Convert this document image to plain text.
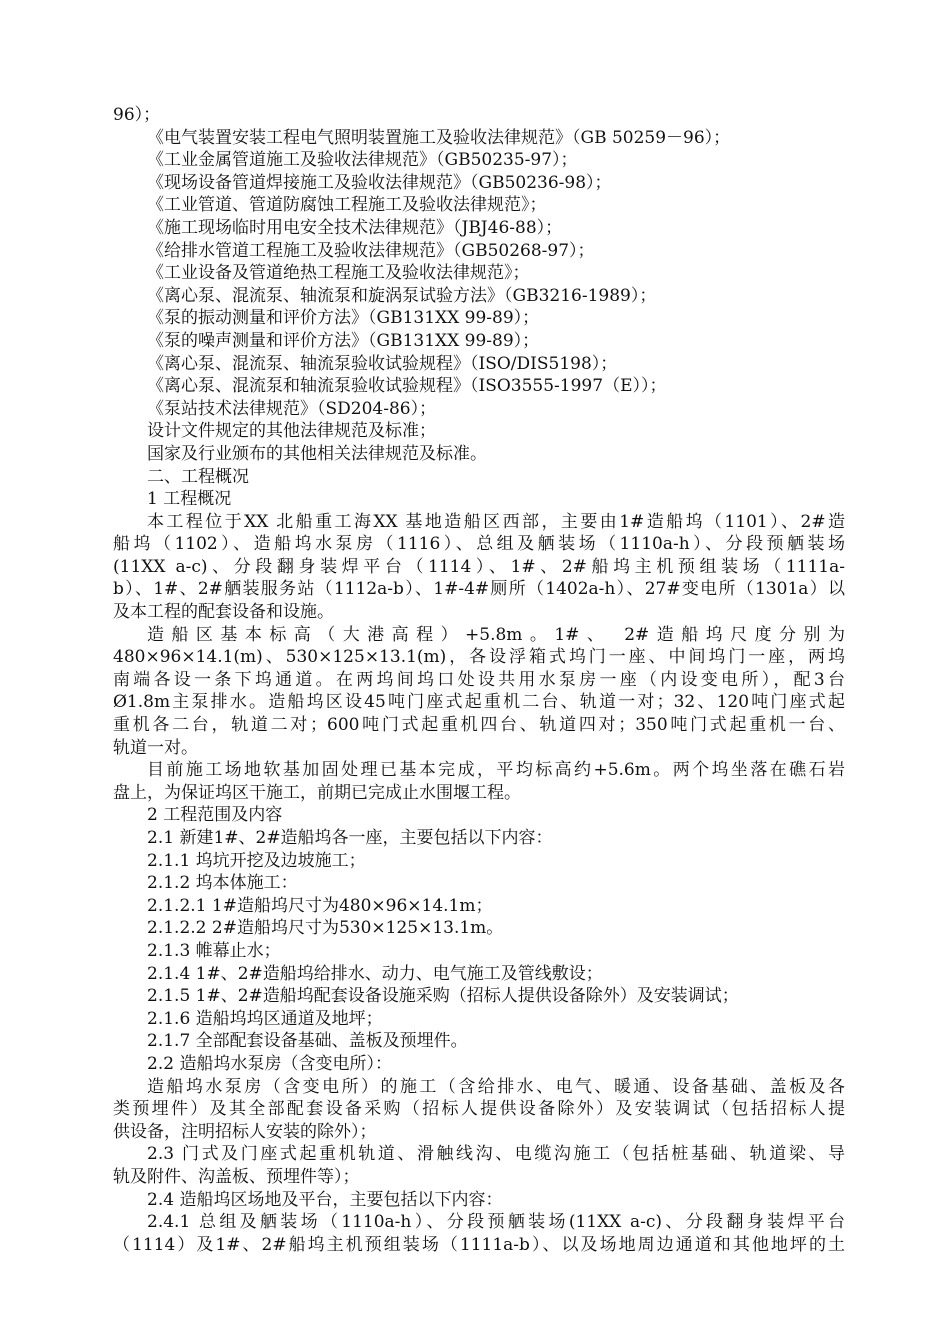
96）；
《电气装置安装工程电气照明装置施工及验收法律规范》（GB 50259－96）；
《工业金属管道施工及验收法律规范》（GB50235-97）；
《现场设备管道焊接施工及验收法律规范》（GB50236-98）；
《工业管道、管道防腐蚀工程施工及验收法律规范》；
《施工现场临时用电安全技术法律规范》（JBJ46-88）；
《给排水管道工程施工及验收法律规范》（GB50268-97）；
《工业设备及管道绝热工程施工及验收法律规范》；
《离心泵、混流泵、轴流泵和旋涡泵试验方法》（GB3216-1989）；
《泵的振动测量和评价方法》（GB131XX 99-89）；
《泵的噪声测量和评价方法》（GB131XX 99-89）；
《离心泵、混流泵、轴流泵验收试验规程》（ISO/DIS5198）；
《离心泵、混流泵和轴流泵验收试验规程》（ISO3555-1997（E））；
《泵站技术法律规范》（SD204-86）；
设计文件规定的其他法律规范及标准；
国家及行业颁布的其他相关法律规范及标准。
二、工程概况
1 工程概况
本工程位于XX 北船重工海XX 基地造船区西部，主要由1#造船坞（1101）、2#造
船坞（1102）、造船坞水泵房（1116）、总组及舾装场（1110a-h）、分段预舾装场
(11XX a-c)、分段翻身装焊平台（1114）、1#、2#船坞主机预组装场（1111a-
b）、1#、2#舾装服务站（1112a-b）、1#-4#厕所（1402a-h）、27#变电所（1301a）以
及本工程的配套设备和设施。
造船区基本标高（大港高程）+5.8m。1#、 2#造船坞尺度分别为
480×96×14.1(m)、530×125×13.1(m)，各设浮箱式坞门一座、中间坞门一座，两坞
南端各设一条下坞通道。在两坞间坞口处设共用水泵房一座（内设变电所），配3台
Ø1.8m主泵排水。造船坞区设45吨门座式起重机二台、轨道一对；32、120吨门座式起
重机各二台，轨道二对；600吨门式起重机四台、轨道四对；350吨门式起重机一台、
轨道一对。
目前施工场地软基加固处理已基本完成，平均标高约+5.6m。两个坞坐落在礁石岩
盘上，为保证坞区干施工，前期已完成止水围堰工程。
2 工程范围及内容
2.1 新建1#、2#造船坞各一座，主要包括以下内容：
2.1.1 坞坑开挖及边坡施工；
2.1.2 坞本体施工：
2.1.2.1 1#造船坞尺寸为480×96×14.1m；
2.1.2.2 2#造船坞尺寸为530×125×13.1m。
2.1.3 帷幕止水；
2.1.4 1#、2#造船坞给排水、动力、电气施工及管线敷设；
2.1.5 1#、2#造船坞配套设备设施采购（招标人提供设备除外）及安装调试；
2.1.6 造船坞坞区通道及地坪；
2.1.7 全部配套设备基础、盖板及预埋件。
2.2 造船坞水泵房（含变电所）：
造船坞水泵房（含变电所）的施工（含给排水、电气、暖通、设备基础、盖板及各
类预埋件）及其全部配套设备采购（招标人提供设备除外）及安装调试（包括招标人提
供设备，注明招标人安装的除外）；
2.3 门式及门座式起重机轨道、滑触线沟、电缆沟施工（包括桩基础、轨道梁、导
轨及附件、沟盖板、预埋件等）；
2.4 造船坞区场地及平台，主要包括以下内容：
2.4.1 总组及舾装场（1110a-h）、分段预舾装场(11XX a-c)、分段翻身装焊平台
（1114）及1#、2#船坞主机预组装场（1111a-b）、以及场地周边通道和其他地坪的土
